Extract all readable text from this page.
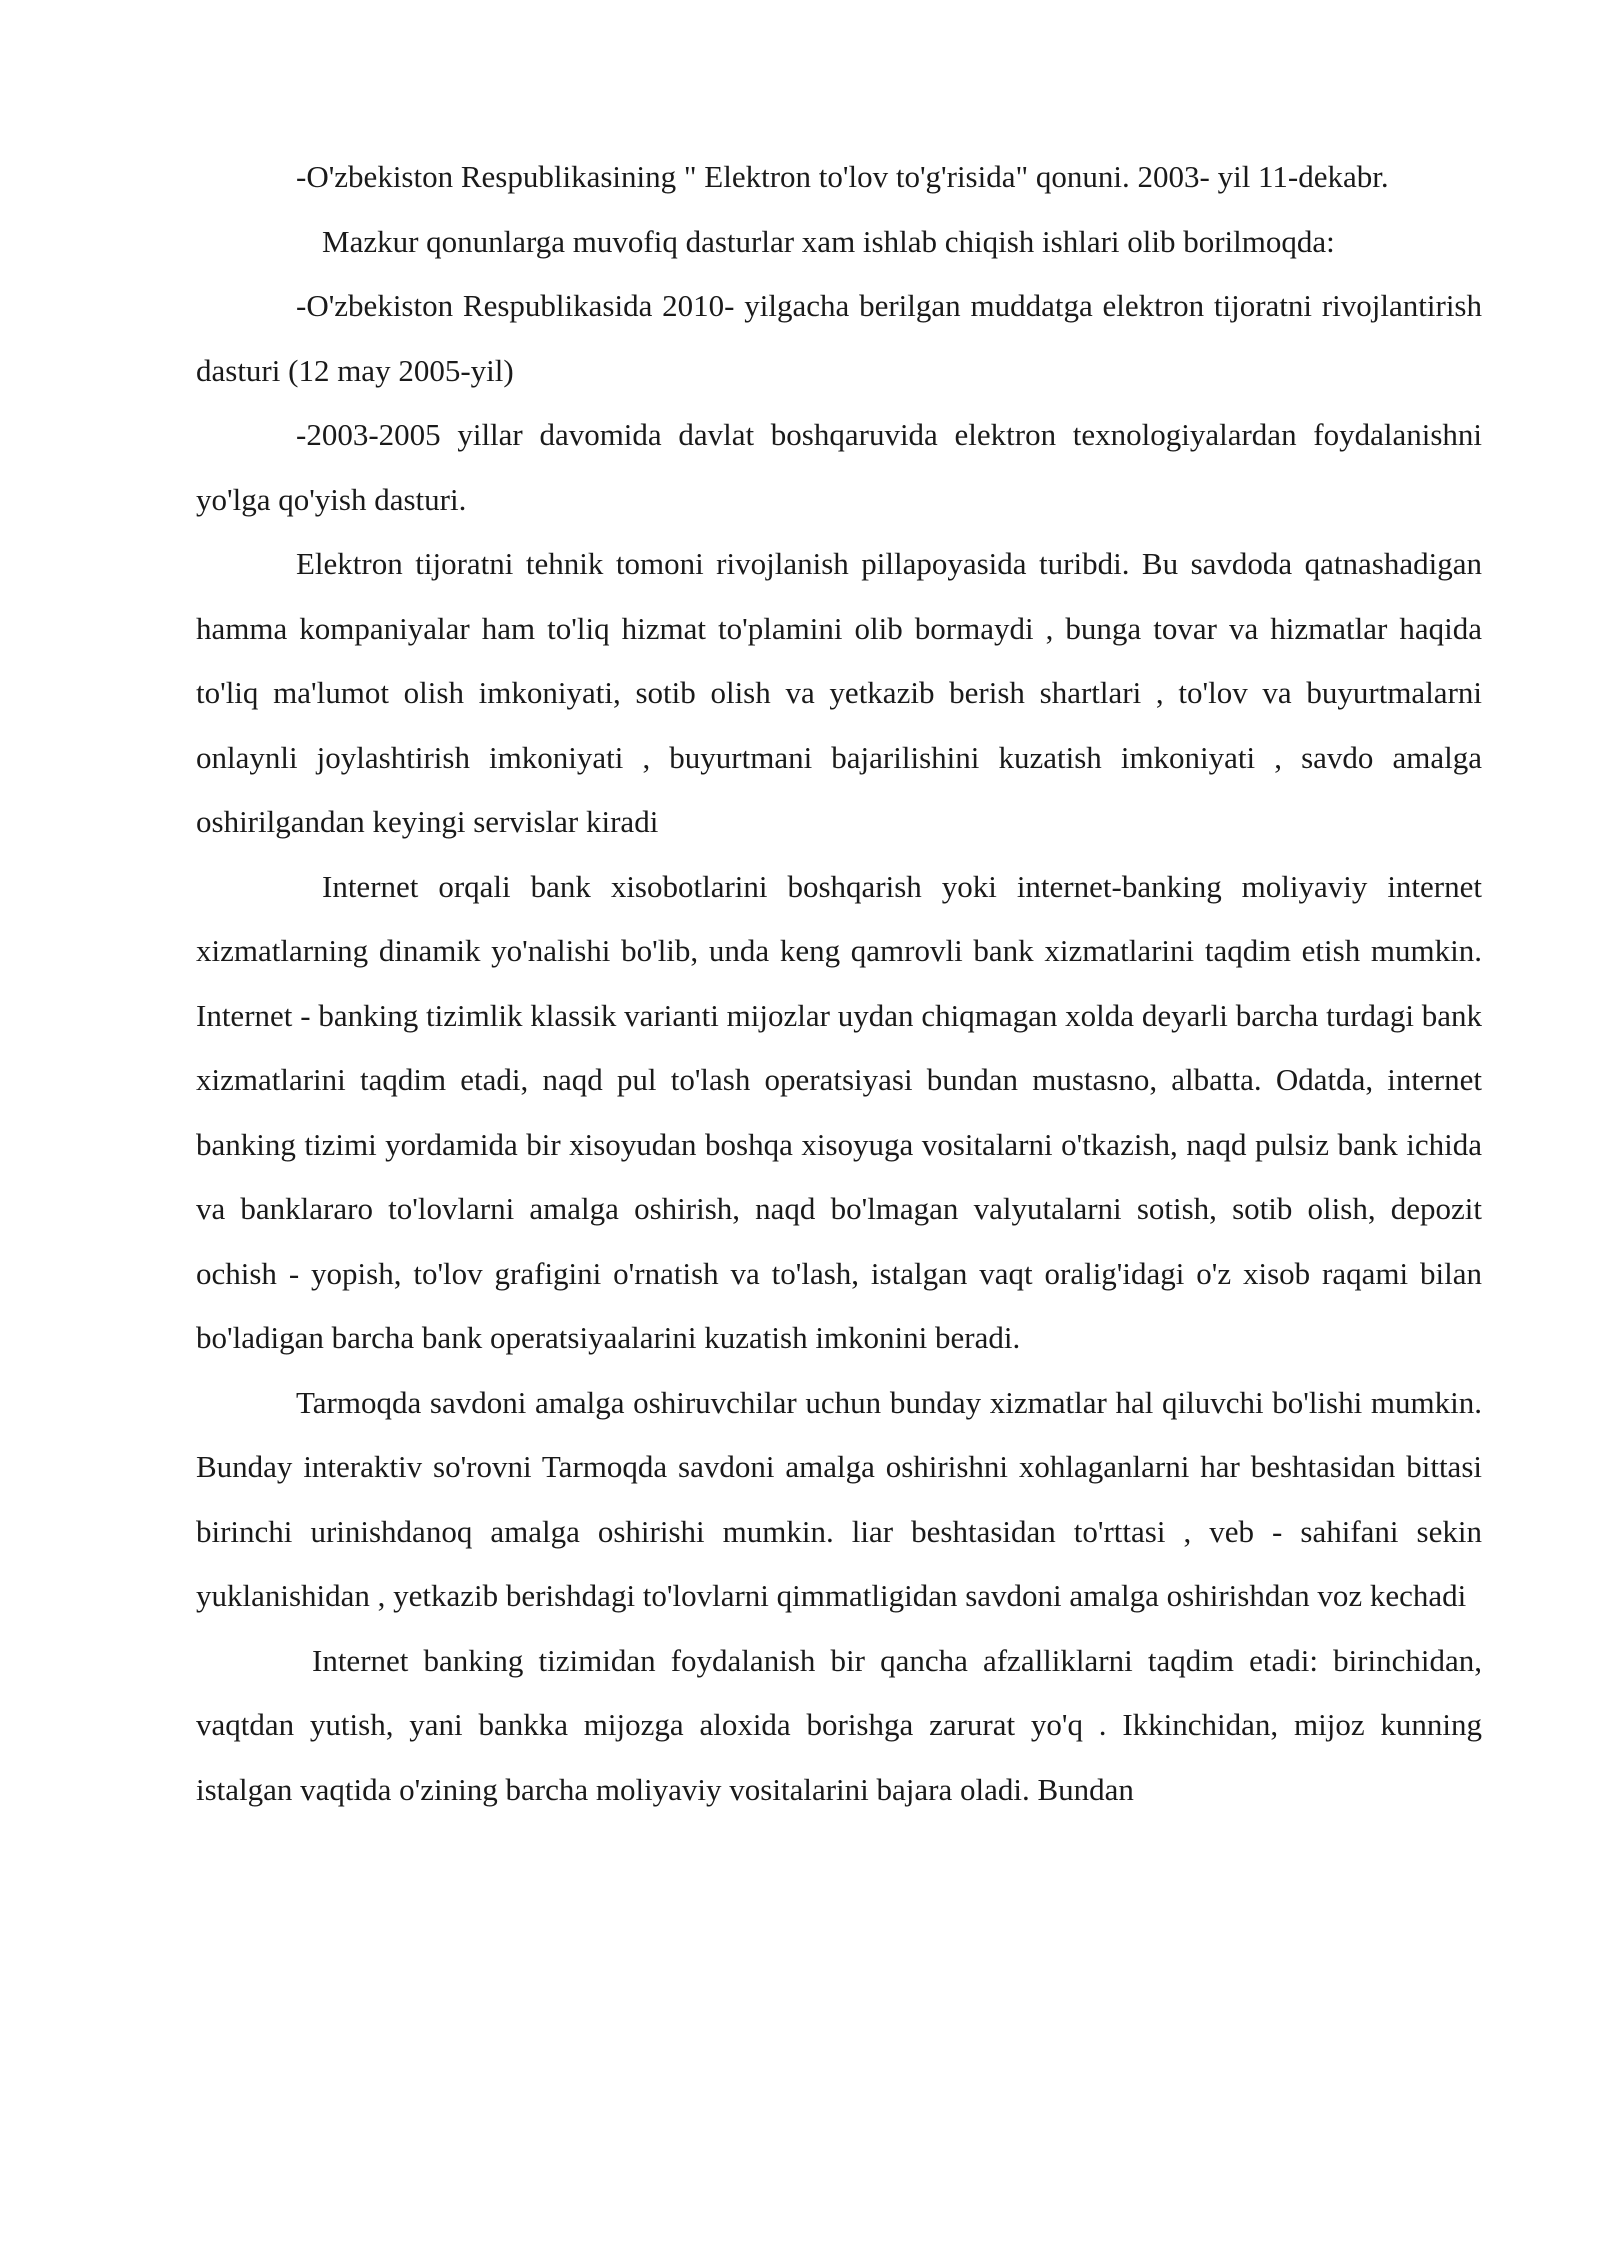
-O'zbekiston Respublikasining " Elektron to'lov to'g'risida" qonuni. 2003- yil 11-dekabr.

Mazkur qonunlarga muvofiq dasturlar xam ishlab chiqish ishlari olib borilmoqda:

-O'zbekiston Respublikasida 2010- yilgacha berilgan muddatga elektron tijoratni rivojlantirish dasturi (12 may 2005-yil)

-2003-2005 yillar davomida davlat boshqaruvida elektron texnologiyalardan foydalanishni yo'lga qo'yish dasturi.

Elektron tijoratni tehnik tomoni rivojlanish pillapoyasida turibdi. Bu savdoda qatnashadigan hamma kompaniyalar ham to'liq hizmat to'plamini olib bormaydi , bunga tovar va hizmatlar haqida to'liq ma'lumot olish imkoniyati, sotib olish va yetkazib berish shartlari , to'lov va buyurtmalarni onlaynli joylashtirish imkoniyati , buyurtmani bajarilishini kuzatish imkoniyati , savdo amalga oshirilgandan keyingi servislar kiradi

Internet orqali bank xisobotlarini boshqarish yoki internet-banking moliyaviy internet xizmatlarning dinamik yo'nalishi bo'lib, unda keng qamrovli bank xizmatlarini taqdim etish mumkin. Internet - banking tizimlik klassik varianti mijozlar uydan chiqmagan xolda deyarli barcha turdagi bank xizmatlarini taqdim etadi, naqd pul to'lash operatsiyasi bundan mustasno, albatta. Odatda, internet banking tizimi yordamida bir xisoyudan boshqa xisoyuga vositalarni o'tkazish, naqd pulsiz bank ichida va banklararo to'lovlarni amalga oshirish, naqd bo'lmagan valyutalarni sotish, sotib olish, depozit ochish - yopish, to'lov grafigini o'rnatish va to'lash, istalgan vaqt oralig'idagi o'z xisob raqami bilan bo'ladigan barcha bank operatsiyaalarini kuzatish imkonini beradi.

Tarmoqda savdoni amalga oshiruvchilar uchun bunday xizmatlar hal qiluvchi bo'lishi mumkin. Bunday interaktiv so'rovni Tarmoqda savdoni amalga oshirishni xohlaganlarni har beshtasidan bittasi birinchi urinishdanoq amalga oshirishi mumkin. liar beshtasidan to'rttasi , veb - sahifani sekin yuklanishidan , yetkazib berishdagi to'lovlarni qimmatligidan savdoni amalga oshirishdan voz kechadi

Internet banking tizimidan foydalanish bir qancha afzalliklarni taqdim etadi: birinchidan, vaqtdan yutish, yani bankka mijozga aloxida borishga zarurat yo'q . Ikkinchidan, mijoz kunning istalgan vaqtida o'zining barcha moliyaviy vositalarini bajara oladi. Bundan
